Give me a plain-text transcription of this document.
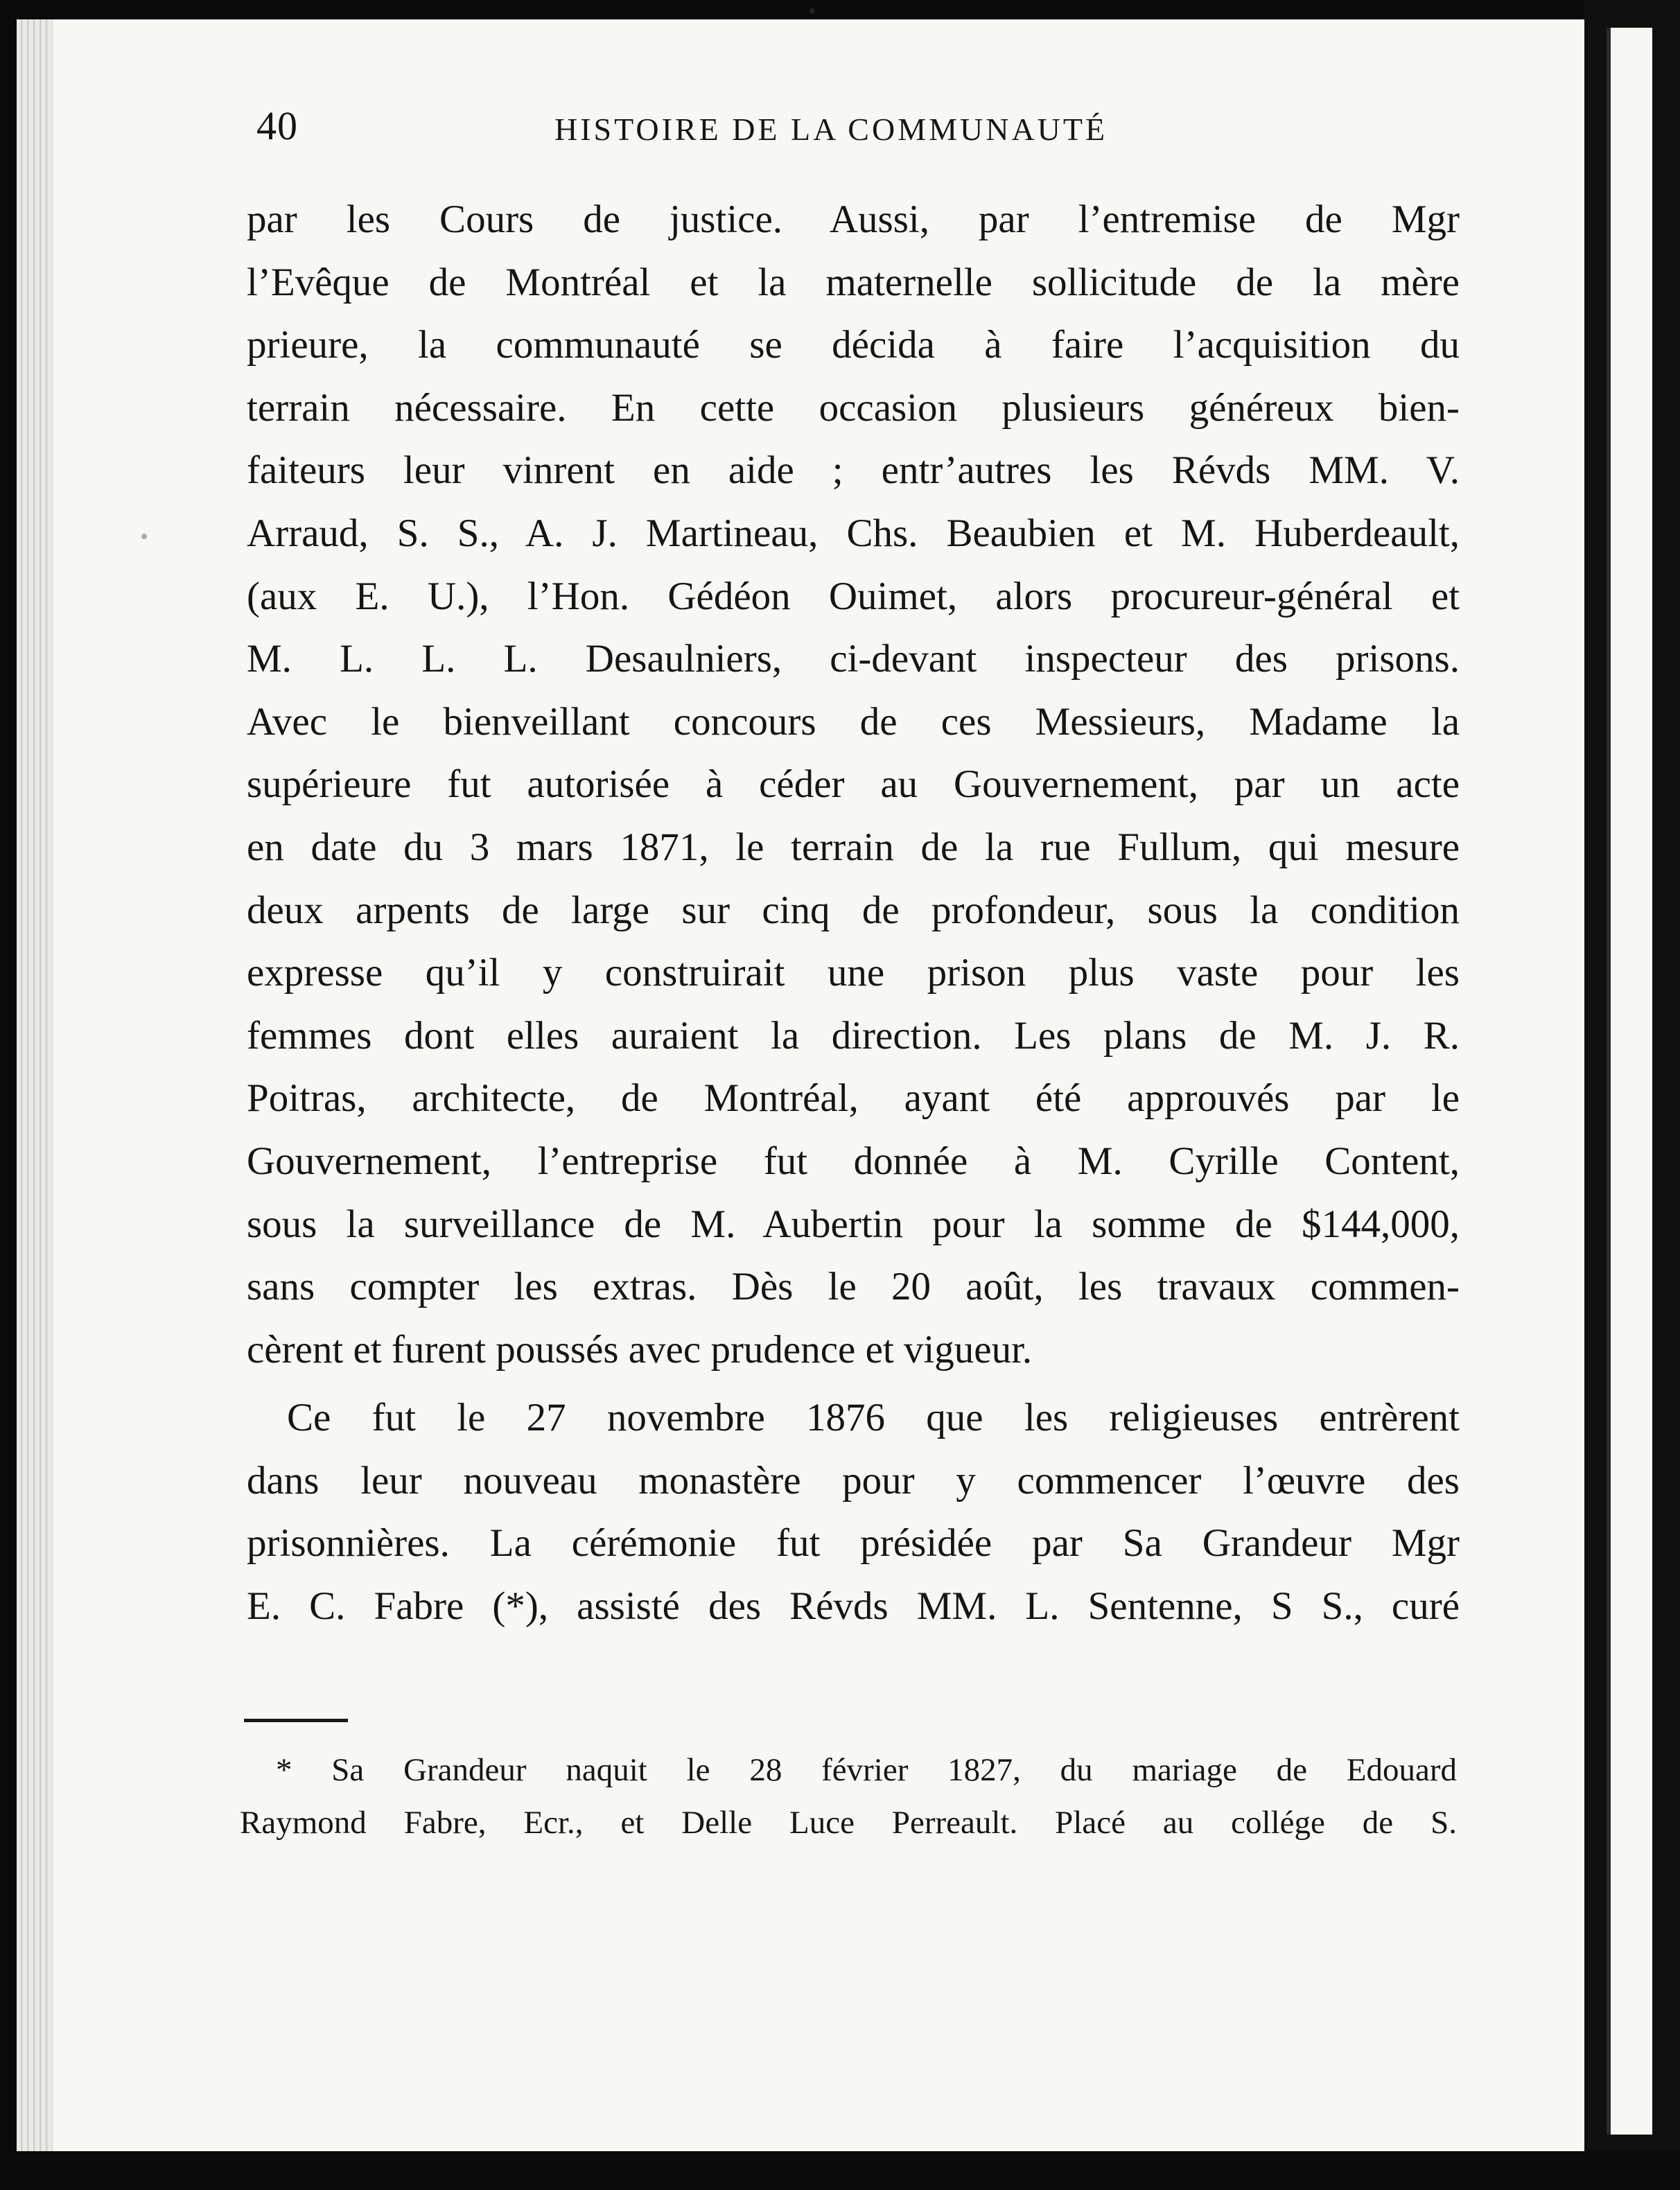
40	HISTOIRE DE LA COMMUNAUTÉ

par les Cours de justice. Aussi, par l’entremise de Mgr
l’Evêque de Montréal et la maternelle sollicitude de la mère
prieure, la communauté se décida à faire l’acquisition du
terrain nécessaire. En cette occasion plusieurs généreux bien-
faiteurs leur vinrent en aide ; entr’autres les Révds MM. V.
Arraud, S. S., A. J. Martineau, Chs. Beaubien et M. Huberdeault,
(aux E. U.), l’Hon. Gédéon Ouimet, alors procureur-général et
M. L. L. L. Desaulniers, ci-devant inspecteur des prisons.
Avec le bienveillant concours de ces Messieurs, Madame la
supérieure fut autorisée à céder au Gouvernement, par un acte
en date du 3 mars 1871, le terrain de la rue Fullum, qui mesure
deux arpents de large sur cinq de profondeur, sous la condition
expresse qu’il y construirait une prison plus vaste pour les
femmes dont elles auraient la direction. Les plans de M. J. R.
Poitras, architecte, de Montréal, ayant été approuvés par le
Gouvernement, l’entreprise fut donnée à M. Cyrille Content,
sous la surveillance de M. Aubertin pour la somme de $144,000,
sans compter les extras. Dès le 20 août, les travaux commen-
cèrent et furent poussés avec prudence et vigueur.

Ce fut le 27 novembre 1876 que les religieuses entrèrent
dans leur nouveau monastère pour y commencer l’œuvre des
prisonnières. La cérémonie fut présidée par Sa Grandeur Mgr
E. C. Fabre (*), assisté des Révds MM. L. Sentenne, S S., curé

* Sa Grandeur naquit le 28 février 1827, du mariage de Edouard
Raymond Fabre, Ecr., et Delle Luce Perreault. Placé au collége de S.
